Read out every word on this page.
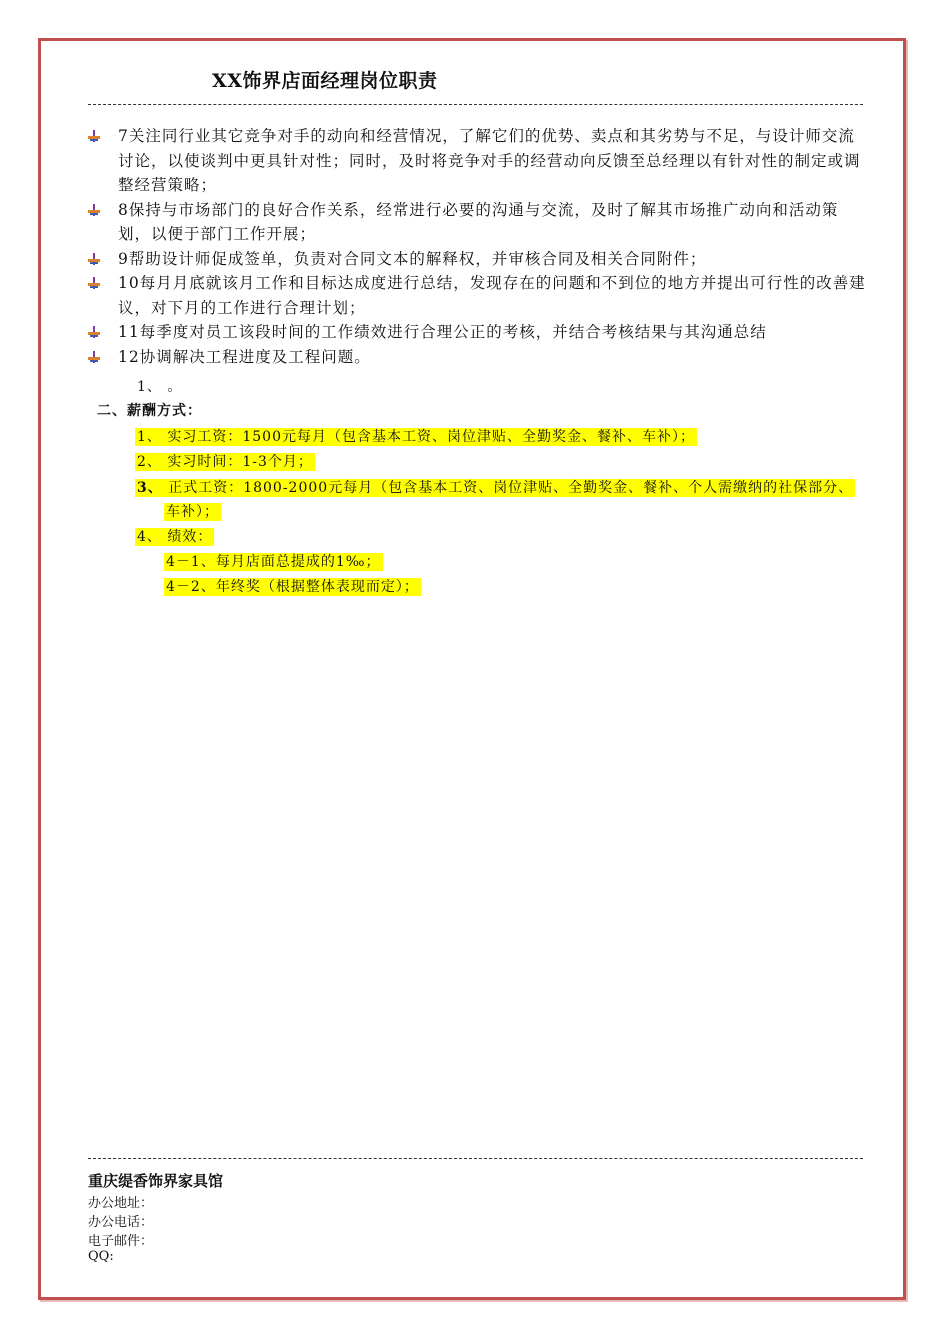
XX饰界店面经理岗位职责
7关注同行业其它竞争对手的动向和经营情况，了解它们的优势、卖点和其劣势与不足，与设计师交流讨论，以使谈判中更具针对性；同时，及时将竞争对手的经营动向反馈至总经理以有针对性的制定或调整经营策略；
8保持与市场部门的良好合作关系，经常进行必要的沟通与交流，及时了解其市场推广动向和活动策划，以便于部门工作开展；
9帮助设计师促成签单，负责对合同文本的解释权，并审核合同及相关合同附件；
10每月月底就该月工作和目标达成度进行总结，发现存在的问题和不到位的地方并提出可行性的改善建议，对下月的工作进行合理计划；
11每季度对员工该段时间的工作绩效进行合理公正的考核，并结合考核结果与其沟通总结
12协调解决工程进度及工程问题。
1、 。
二、薪酬方式：
1、 实习工资：1500元每月（包含基本工资、岗位津贴、全勤奖金、餐补、车补）；
2、 实习时间：1-3个月；
3、 正式工资：1800-2000元每月（包含基本工资、岗位津贴、全勤奖金、餐补、个人需缴纳的社保部分、
车补）；
4、 绩效：
4－1、每月店面总提成的1‰；
4－2、年终奖（根据整体表现而定）；
重庆缇香饰界家具馆
办公地址：
办公电话：
电子邮件：
QQ:
